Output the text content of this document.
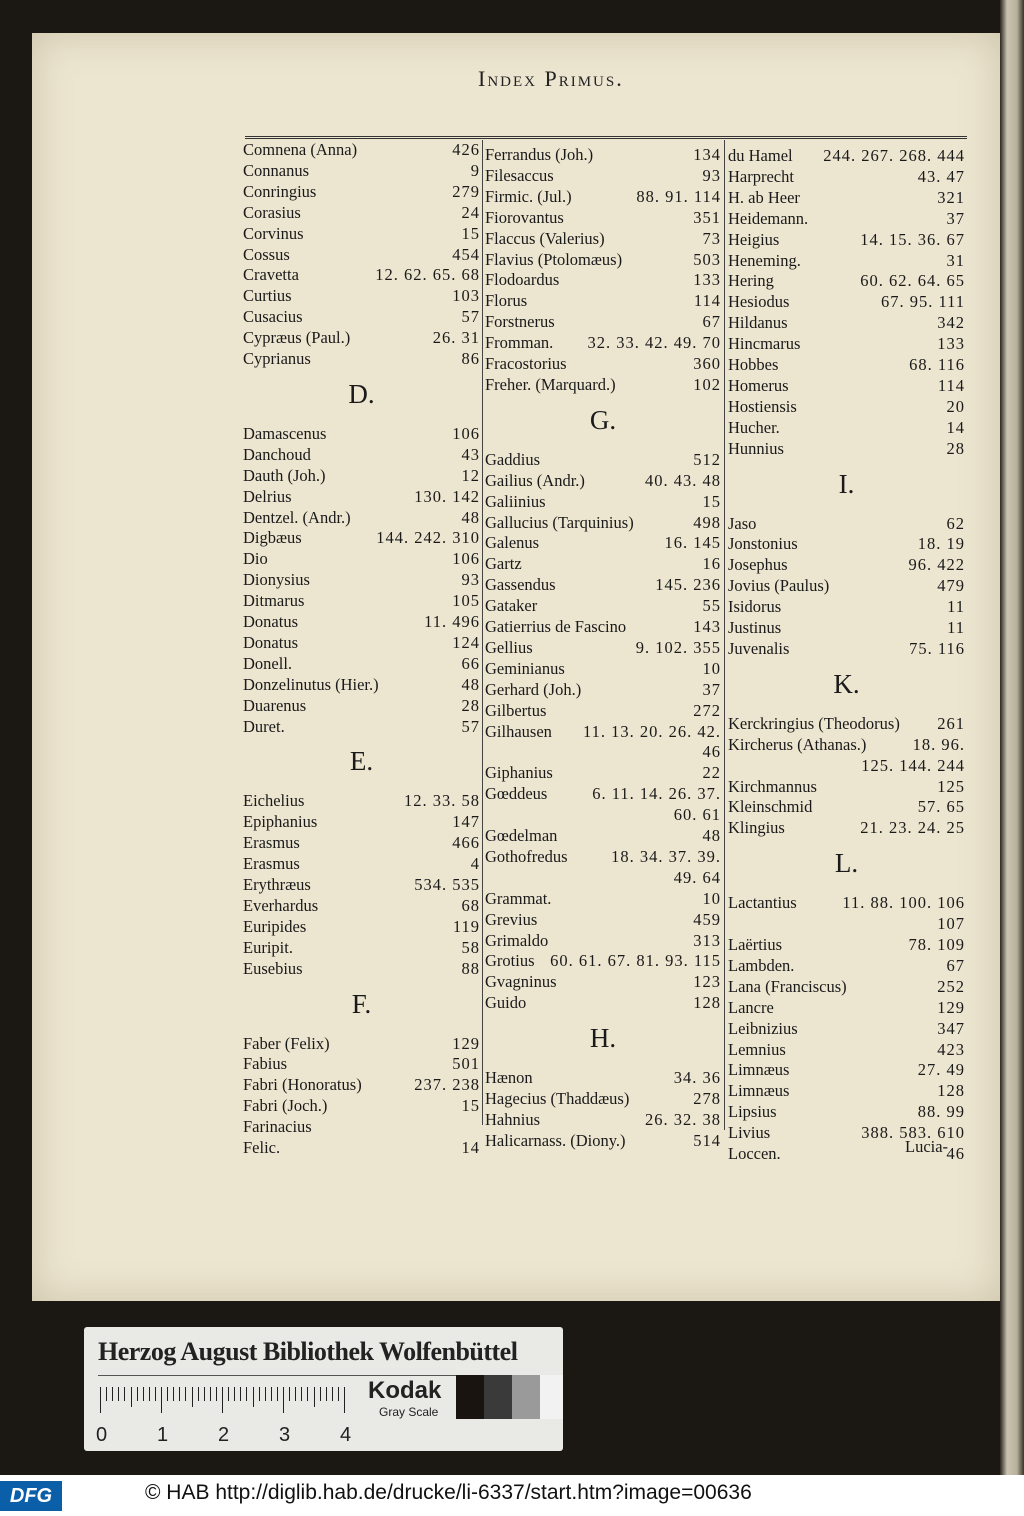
Index Primus.
Comnena (Anna)	426
Connanus	9
Conringius	279
Corasius	24
Corvinus	15
Cossus	454
Cravetta	12. 62. 65. 68
Curtius	103
Cusacius	57
Cypræus (Paul.)	26. 31
Cyprianus	86
D.
Damascenus	106
Danchoud	43
Dauth (Joh.)	12
Delrius	130. 142
Dentzel. (Andr.)	48
Digbæus	144. 242. 310
Dio	106
Dionysius	93
Ditmarus	105
Donatus	11. 496
Donatus	124
Donell.	66
Donzelinutus (Hier.)	48
Duarenus	28
Duret.	57
E.
Eichelius	12. 33. 58
Epiphanius	147
Erasmus	466
Erasmus	4
Erythræus	534. 535
Everhardus	68
Euripides	119
Euripit.	58
Eusebius	88
F.
Faber (Felix)	129
Fabius	501
Fabri (Honoratus)	237. 238
Fabri (Joch.)	15
Farinacius
Felic.	14
Ferrandus (Joh.)	134
Filesaccus	93
Firmic. (Jul.)	88. 91. 114
Fiorovantus	351
Flaccus (Valerius)	73
Flavius (Ptolomæus)	503
Flodoardus	133
Florus	114
Forstnerus	67
Fromman. 32. 33. 42. 49. 70
Fracostorius	360
Freher. (Marquard.)	102
G.
Gaddius	512
Gailius (Andr.)	40. 43. 48
Galiinius	15
Gallucius (Tarquinius)	498
Galenus	16. 145
Gartz	16
Gassendus	145. 236
Gataker	55
Gatierrius de Fascino	143
Gellius	9. 102. 355
Geminianus	10
Gerhard (Joh.)	37
Gilbertus	272
Gilhausen 11. 13. 20. 26. 42.
46
Giphanius	22
Gœddeus	6. 11. 14. 26. 37.
60. 61
Gœdelman	48
Gothofredus	18. 34. 37. 39.
49. 64
Grammat.	10
Grevius	459
Grimaldo	313
Grotius 60. 61. 67. 81. 93. 115
Gvagninus	123
Guido	128
H.
Hænon	34. 36
Hagecius (Thaddæus)	278
Hahnius	26. 32. 38
Halicarnass. (Diony.)	514
du Hamel 244. 267. 268. 444
Harprecht	43. 47
H. ab Heer	321
Heidemann.	37
Heigius	14. 15. 36. 67
Heneming.	31
Hering	60. 62. 64. 65
Hesiodus	67. 95. 111
Hildanus	342
Hincmarus	133
Hobbes	68. 116
Homerus	114
Hostiensis	20
Hucher.	14
Hunnius	28
I.
Jaso	62
Jonstonius	18. 19
Josephus	96. 422
Jovius (Paulus)	479
Isidorus	11
Justinus	11
Juvenalis	75. 116
K.
Kerckringius (Theodorus) 261
Kircherus (Athanas.)	18. 96.
125. 144. 244
Kirchmannus	125
Kleinschmid	57. 65
Klingius	21. 23. 24. 25
L.
Lactantius	11. 88. 100. 106
107
Laërtius	78. 109
Lambden.	67
Lana (Franciscus)	252
Lancre	129
Leibnizius	347
Lemnius	423
Limnæus	27. 49
Limnæus	128
Lipsius	88. 99
Livius	388. 583. 610
Loccen.	46
Lucia-
Herzog August Bibliothek Wolfenbüttel
0 1 2 3 4
Kodak
Gray Scale
DFG	© HAB http://diglib.hab.de/drucke/li-6337/start.htm?image=00636
